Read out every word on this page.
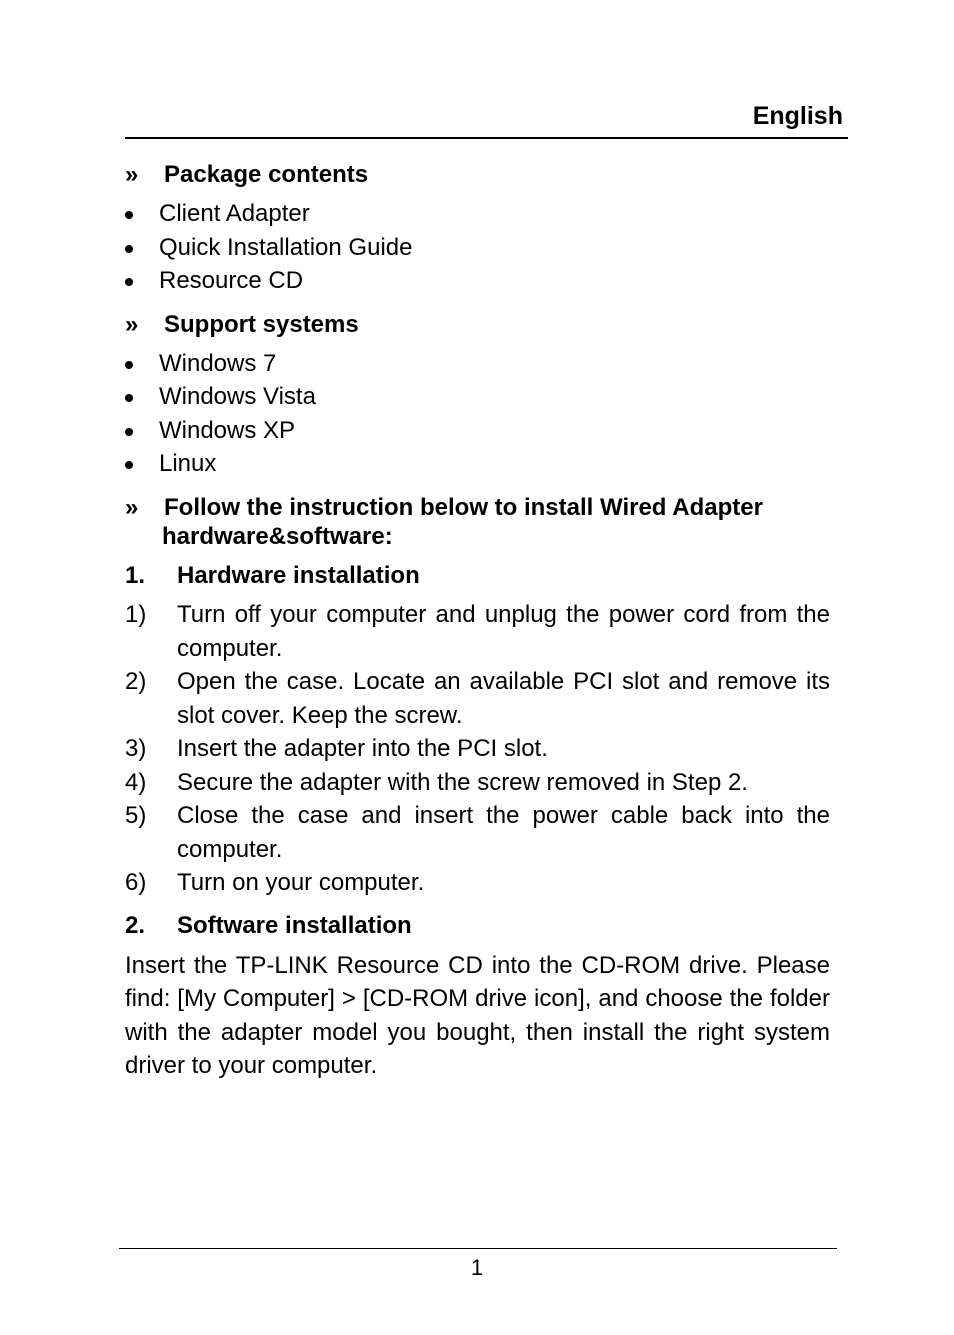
English
» Package contents
Client Adapter
Quick Installation Guide
Resource CD
» Support systems
Windows 7
Windows Vista
Windows XP
Linux
» Follow the instruction below to install Wired Adapter
hardware&software:
1. Hardware installation
1) Turn off your computer and unplug the power cord from the computer.
2) Open the case. Locate an available PCI slot and remove its slot cover. Keep the screw.
3) Insert the adapter into the PCI slot.
4) Secure the adapter with the screw removed in Step 2.
5) Close the case and insert the power cable back into the computer.
6) Turn on your computer.
2. Software installation
Insert the TP-LINK Resource CD into the CD-ROM drive. Please find: [My Computer] > [CD-ROM drive icon], and choose the folder with the adapter model you bought, then install the right system driver to your computer.
1
